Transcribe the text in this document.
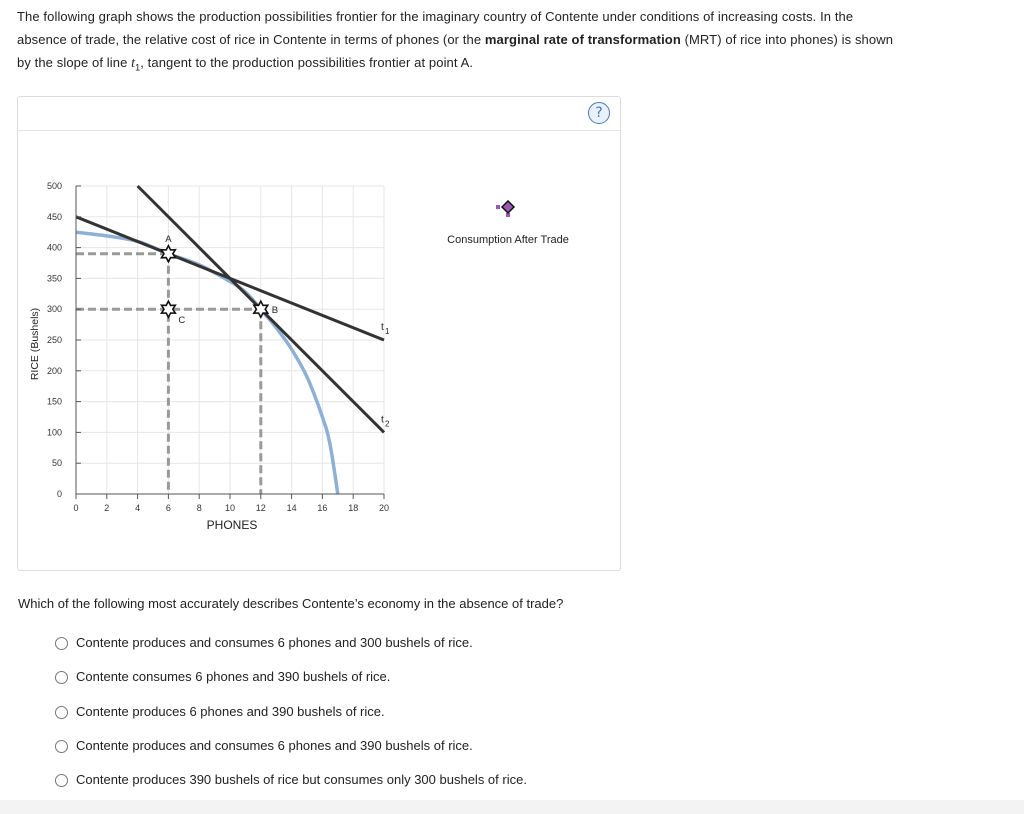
The following graph shows the production possibilities frontier for the imaginary country of Contente under conditions of increasing costs. In the absence of trade, the relative cost of rice in Contente in terms of phones (or the marginal rate of transformation (MRT) of rice into phones) is shown by the slope of line $t_1$, tangent to the production possibilities frontier at point A.
?
t 1
t 2
0
50
100
150
200
250
300
350
400
450
500
0	2	4	6	8	10 12 14 16 18 20
PHONES
RICE (Bushels)
A
C
B
Consumption After Trade
Which of the following most accurately describes Contente’s economy in the absence of trade?
Contente produces and consumes 6 phones and 300 bushels of rice.
Contente consumes 6 phones and 390 bushels of rice.
Contente produces 6 phones and 390 bushels of rice.
Contente produces and consumes 6 phones and 390 bushels of rice.
Contente produces 390 bushels of rice but consumes only 300 bushels of rice.
